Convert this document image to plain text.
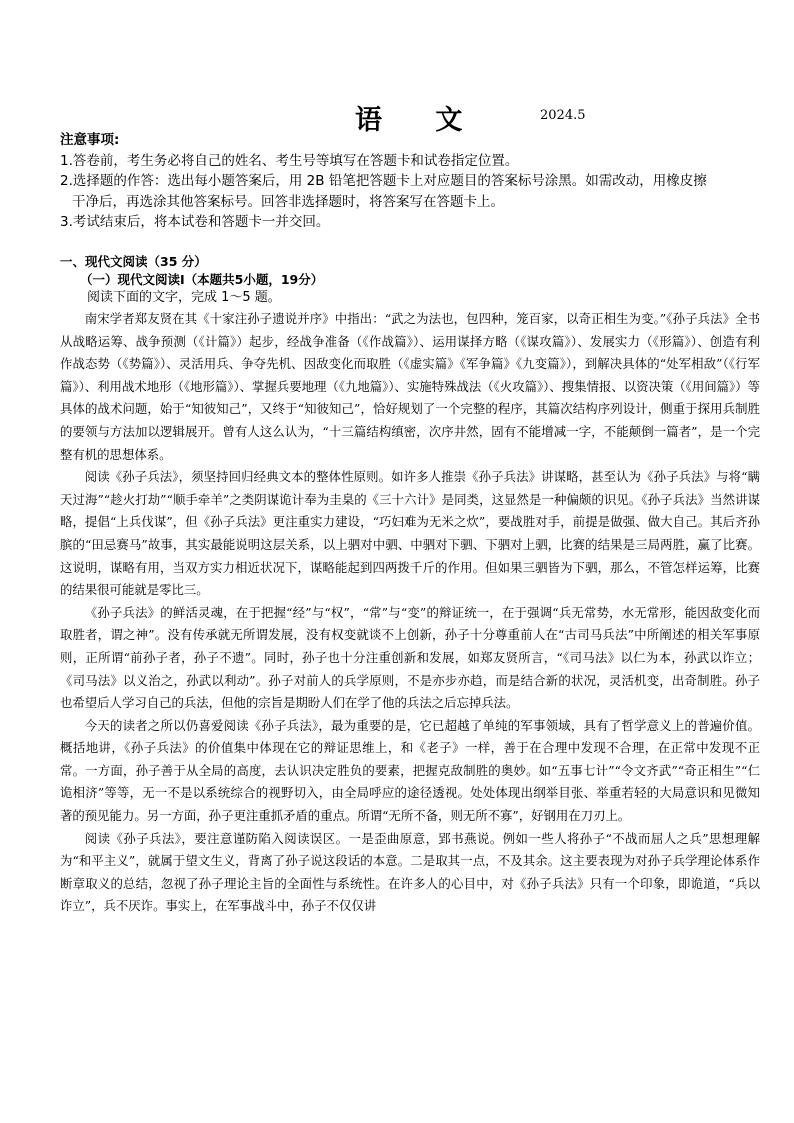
语 文	2024.5
注意事项:
1.答卷前，考生务必将自己的姓名、考生号等填写在答题卡和试卷指定位置。
2.选择题的作答：选出每小题答案后，用 2B 铅笔把答题卡上对应题目的答案标号涂黑。如需改动，用橡皮擦
干净后，再选涂其他答案标号。回答非选择题时，将答案写在答题卡上。
3.考试结束后，将本试卷和答题卡一并交回。
一、现代文阅读（35 分）
（一）现代文阅读Ⅰ（本题共5小题，19分）
阅读下面的文字，完成 1～5 题。

南宋学者郑友贤在其《十家注孙子遗说并序》中指出：“武之为法也，包四种，笼百家，以奇正相生为变。”《孙子兵法》全书从战略运筹、战争预测（《计篇》）起步，经战争准备（《作战篇》）、运用谋择方略（《谋攻篇》）、发展实力（《形篇》）、创造有利作战态势（《势篇》）、灵活用兵、争夺先机、因敌变化而取胜（《虚实篇》《军争篇》《九变篇》），到解决具体的“处军相敌”（《行军篇》）、利用战术地形（《地形篇》）、掌握兵要地理（《九地篇》）、实施特殊战法（《火攻篇》）、搜集情报、以资决策（《用间篇》）等具体的战术问题，始于“知彼知己”，又终于“知彼知己”，恰好规划了一个完整的程序，其篇次结构序列设计，侧重于探用兵制胜的要领与方法加以逻辑展开。曾有人这么认为，“十三篇结构缜密，次序井然，固有不能增减一字，不能颠倒一篇者”，是一个完整有机的思想体系。

阅读《孙子兵法》，须坚持回归经典文本的整体性原则。如许多人推崇《孙子兵法》讲谋略，甚至认为《孙子兵法》与将“瞒天过海”“趁火打劫”“顺手牵羊”之类阴谋诡计奉为圭臬的《三十六计》是同类，这显然是一种偏颇的识见。《孙子兵法》当然讲谋略，提倡“上兵伐谋”，但《孙子兵法》更注重实力建设，“巧妇难为无米之炊”，要战胜对手，前提是做强、做大自己。其后齐孙膑的“田忌赛马”故事，其实最能说明这层关系，以上驷对中驷、中驷对下驷、下驷对上驷，比赛的结果是三局两胜，赢了比赛。这说明，谋略有用，当双方实力相近状况下，谋略能起到四两拨千斤的作用。但如果三驷皆为下驷，那么，不管怎样运筹，比赛的结果很可能就是零比三。

《孙子兵法》的鲜活灵魂，在于把握“经”与“权”，“常”与“变”的辩证统一，在于强调“兵无常势，水无常形，能因敌变化而取胜者，谓之神”。没有传承就无所谓发展，没有权变就谈不上创新，孙子十分尊重前人在“古司马兵法”中所阐述的相关军事原则，正所谓“前孙子者，孙子不遗”。同时，孙子也十分注重创新和发展，如郑友贤所言，“《司马法》以仁为本，孙武以诈立；《司马法》以义治之，孙武以利动”。孙子对前人的兵学原则，不是亦步亦趋，而是结合新的状况，灵活机变，出奇制胜。孙子也希望后人学习自己的兵法，但他的宗旨是期盼人们在学了他的兵法之后忘掉兵法。

今天的读者之所以仍喜爱阅读《孙子兵法》，最为重要的是，它已超越了单纯的军事领域，具有了哲学意义上的普遍价值。概括地讲，《孙子兵法》的价值集中体现在它的辩证思维上，和《老子》一样，善于在合理中发现不合理，在正常中发现不正常。一方面，孙子善于从全局的高度，去认识决定胜负的要素，把握克敌制胜的奥妙。如“五事七计”“令文齐武”“奇正相生”“仁诡相济”等等，无一不是以系统综合的视野切入，由全局呼应的途径透视。处处体现出纲举目张、举重若轻的大局意识和见微知著的预见能力。另一方面，孙子更注重抓矛盾的重点。所谓“无所不备，则无所不寡”，好钢用在刀刃上。

阅读《孙子兵法》，要注意谨防陷入阅读误区。一是歪曲原意，郢书燕说。例如一些人将孙子“不战而屈人之兵”思想理解为“和平主义”，就属于望文生义，背离了孙子说这段话的本意。二是取其一点，不及其余。这主要表现为对孙子兵学理论体系作断章取义的总结，忽视了孙子理论主旨的全面性与系统性。在许多人的心目中，对《孙子兵法》只有一个印象，即诡道，“兵以诈立”，兵不厌诈。事实上，在军事战斗中，孙子不仅仅讲
